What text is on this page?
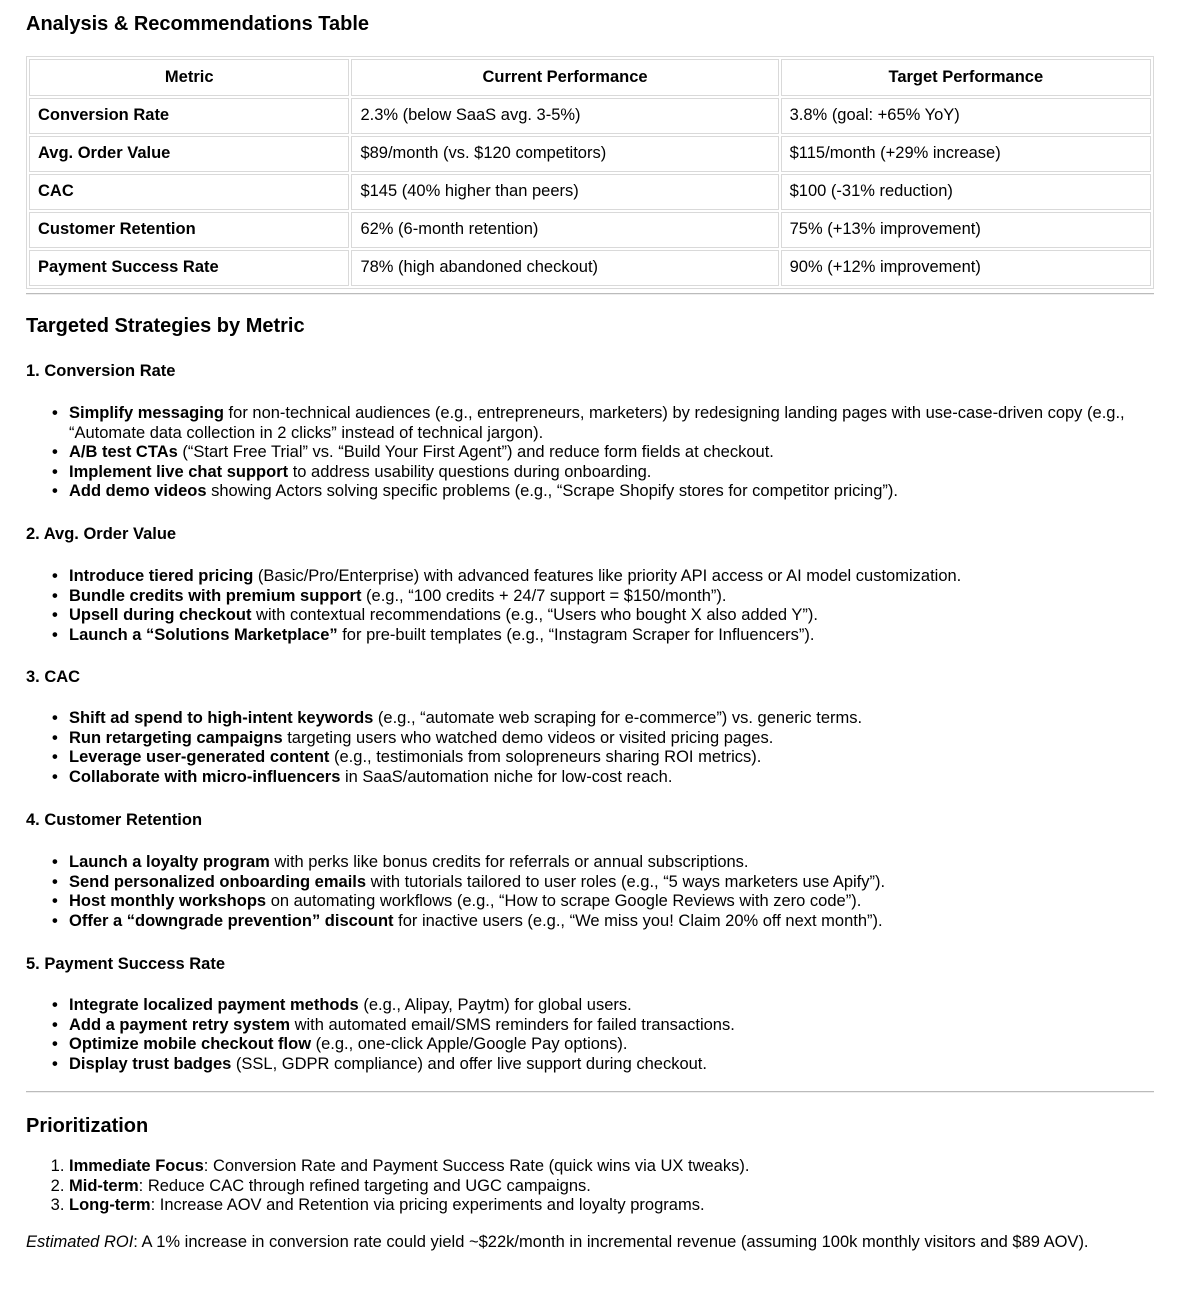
Analysis & Recommendations Table
Metric	Current Performance	Target Performance
Conversion Rate	2.3% (below SaaS avg. 3-5%)	3.8% (goal: +65% YoY)
Avg. Order Value	$89/month (vs. $120 competitors)	$115/month (+29% increase)
CAC	$145 (40% higher than peers)	$100 (-31% reduction)
Customer Retention	62% (6-month retention)	75% (+13% improvement)
Payment Success Rate	78% (high abandoned checkout)	90% (+12% improvement)
Targeted Strategies by Metric
1. Conversion Rate
• Simplify messaging for non-technical audiences (e.g., entrepreneurs, marketers) by redesigning landing pages with use-case-driven copy (e.g., “Automate data collection in 2 clicks” instead of technical jargon).
• A/B test CTAs (“Start Free Trial” vs. “Build Your First Agent”) and reduce form fields at checkout.
• Implement live chat support to address usability questions during onboarding.
• Add demo videos showing Actors solving specific problems (e.g., “Scrape Shopify stores for competitor pricing”).
2. Avg. Order Value
• Introduce tiered pricing (Basic/Pro/Enterprise) with advanced features like priority API access or AI model customization.
• Bundle credits with premium support (e.g., “100 credits + 24/7 support = $150/month”).
• Upsell during checkout with contextual recommendations (e.g., “Users who bought X also added Y”).
• Launch a “Solutions Marketplace” for pre-built templates (e.g., “Instagram Scraper for Influencers”).
3. CAC
• Shift ad spend to high-intent keywords (e.g., “automate web scraping for e-commerce”) vs. generic terms.
• Run retargeting campaigns targeting users who watched demo videos or visited pricing pages.
• Leverage user-generated content (e.g., testimonials from solopreneurs sharing ROI metrics).
• Collaborate with micro-influencers in SaaS/automation niche for low-cost reach.
4. Customer Retention
• Launch a loyalty program with perks like bonus credits for referrals or annual subscriptions.
• Send personalized onboarding emails with tutorials tailored to user roles (e.g., “5 ways marketers use Apify”).
• Host monthly workshops on automating workflows (e.g., “How to scrape Google Reviews with zero code”).
• Offer a “downgrade prevention” discount for inactive users (e.g., “We miss you! Claim 20% off next month”).
5. Payment Success Rate
• Integrate localized payment methods (e.g., Alipay, Paytm) for global users.
• Add a payment retry system with automated email/SMS reminders for failed transactions.
• Optimize mobile checkout flow (e.g., one-click Apple/Google Pay options).
• Display trust badges (SSL, GDPR compliance) and offer live support during checkout.
Prioritization
1. Immediate Focus: Conversion Rate and Payment Success Rate (quick wins via UX tweaks).
2. Mid-term: Reduce CAC through refined targeting and UGC campaigns.
3. Long-term: Increase AOV and Retention via pricing experiments and loyalty programs.

Estimated ROI: A 1% increase in conversion rate could yield ~$22k/month in incremental revenue (assuming 100k monthly visitors and $89 AOV).
